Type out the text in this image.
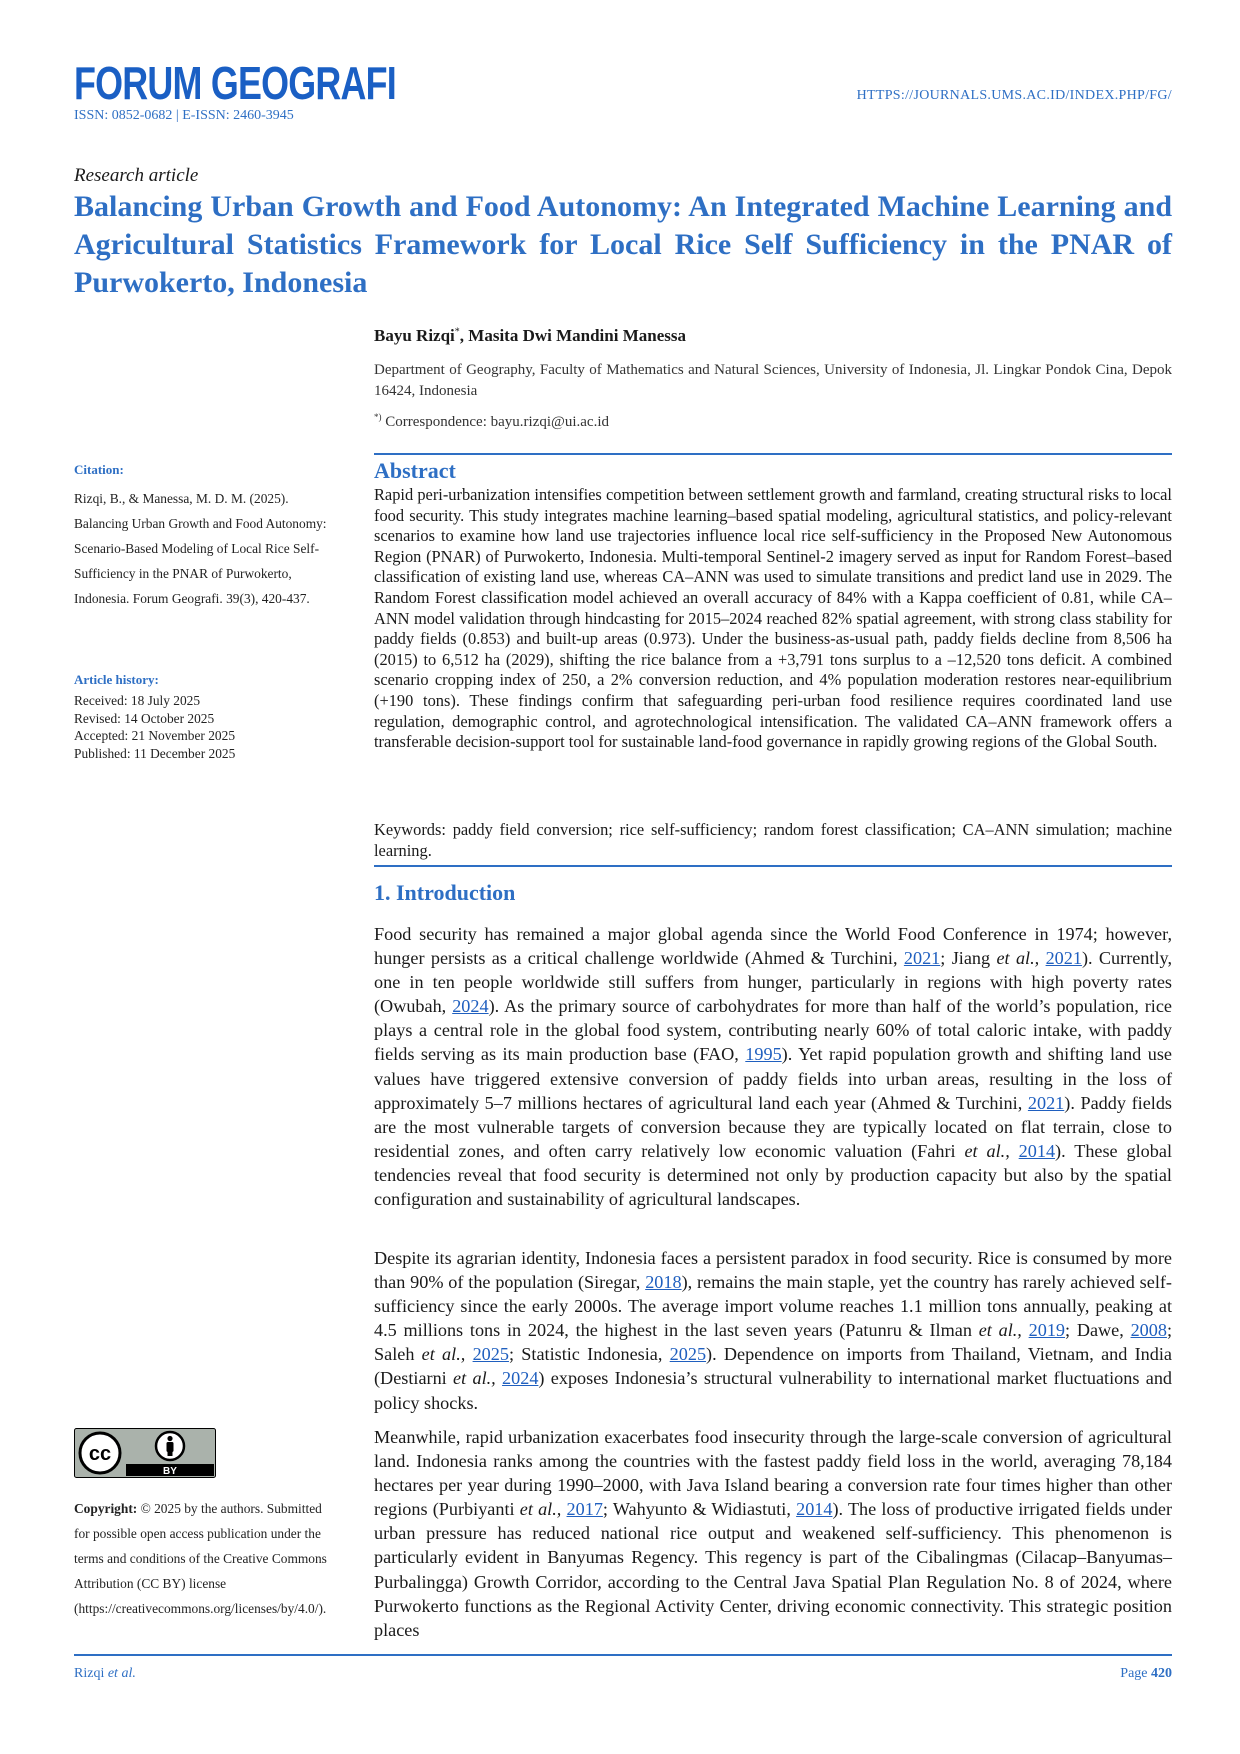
FORUM GEOGRAFI
ISSN: 0852-0682 | E-ISSN: 2460-3945
HTTPS://JOURNALS.UMS.AC.ID/INDEX.PHP/FG/
Research article
Balancing Urban Growth and Food Autonomy: An Integrated Machine Learning and Agricultural Statistics Framework for Local Rice Self Sufficiency in the PNAR of Purwokerto, Indonesia
Bayu Rizqi*, Masita Dwi Mandini Manessa
Department of Geography, Faculty of Mathematics and Natural Sciences, University of Indonesia, Jl. Lingkar Pondok Cina, Depok 16424, Indonesia
*) Correspondence: bayu.rizqi@ui.ac.id
Citation:
Rizqi, B., & Manessa, M. D. M. (2025). Balancing Urban Growth and Food Autonomy: Scenario-Based Modeling of Local Rice Self-Sufficiency in the PNAR of Purwokerto, Indonesia. Forum Geografi. 39(3), 420-437.
Article history:
Received: 18 July 2025
Revised: 14 October 2025
Accepted: 21 November 2025
Published: 11 December 2025
cc
BY
Copyright: © 2025 by the authors. Submitted for possible open access publication under the terms and conditions of the Creative Commons Attribution (CC BY) license (https://creativecommons.org/licenses/by/4.0/).
Abstract
Rapid peri-urbanization intensifies competition between settlement growth and farmland, creating structural risks to local food security. This study integrates machine learning–based spatial modeling, agricultural statistics, and policy-relevant scenarios to examine how land use trajectories influence local rice self-sufficiency in the Proposed New Autonomous Region (PNAR) of Purwokerto, Indonesia. Multi-temporal Sentinel-2 imagery served as input for Random Forest–based classification of existing land use, whereas CA–ANN was used to simulate transitions and predict land use in 2029. The Random Forest classification model achieved an overall accuracy of 84% with a Kappa coefficient of 0.81, while CA–ANN model validation through hindcasting for 2015–2024 reached 82% spatial agreement, with strong class stability for paddy fields (0.853) and built-up areas (0.973). Under the business-as-usual path, paddy fields decline from 8,506 ha (2015) to 6,512 ha (2029), shifting the rice balance from a +3,791 tons surplus to a –12,520 tons deficit. A combined scenario cropping index of 250, a 2% conversion reduction, and 4% population moderation restores near-equilibrium (+190 tons). These findings confirm that safeguarding peri-urban food resilience requires coordinated land use regulation, demographic control, and agrotechnological intensification. The validated CA–ANN framework offers a transferable decision-support tool for sustainable land-food governance in rapidly growing regions of the Global South.
Keywords: paddy field conversion; rice self-sufficiency; random forest classification; CA–ANN simulation; machine learning.
1. Introduction
Food security has remained a major global agenda since the World Food Conference in 1974; however, hunger persists as a critical challenge worldwide (Ahmed & Turchini, 2021; Jiang et al., 2021). Currently, one in ten people worldwide still suffers from hunger, particularly in regions with high poverty rates (Owubah, 2024). As the primary source of carbohydrates for more than half of the world’s population, rice plays a central role in the global food system, contributing nearly 60% of total caloric intake, with paddy fields serving as its main production base (FAO, 1995). Yet rapid population growth and shifting land use values have triggered extensive conversion of paddy fields into urban areas, resulting in the loss of approximately 5–7 millions hectares of agricultural land each year (Ahmed & Turchini, 2021). Paddy fields are the most vulnerable targets of conversion because they are typically located on flat terrain, close to residential zones, and often carry relatively low economic valuation (Fahri et al., 2014). These global tendencies reveal that food security is determined not only by production capacity but also by the spatial configuration and sustainability of agricultural landscapes.
Despite its agrarian identity, Indonesia faces a persistent paradox in food security. Rice is consumed by more than 90% of the population (Siregar, 2018), remains the main staple, yet the country has rarely achieved self-sufficiency since the early 2000s. The average import volume reaches 1.1 million tons annually, peaking at 4.5 millions tons in 2024, the highest in the last seven years (Patunru & Ilman et al., 2019; Dawe, 2008; Saleh et al., 2025; Statistic Indonesia, 2025). Dependence on imports from Thailand, Vietnam, and India (Destiarni et al., 2024) exposes Indonesia’s structural vulnerability to international market fluctuations and policy shocks.
Meanwhile, rapid urbanization exacerbates food insecurity through the large-scale conversion of agricultural land. Indonesia ranks among the countries with the fastest paddy field loss in the world, averaging 78,184 hectares per year during 1990–2000, with Java Island bearing a conversion rate four times higher than other regions (Purbiyanti et al., 2017; Wahyunto & Widiastuti, 2014). The loss of productive irrigated fields under urban pressure has reduced national rice output and weakened self-sufficiency. This phenomenon is particularly evident in Banyumas Regency. This regency is part of the Cibalingmas (Cilacap–Banyumas–Purbalingga) Growth Corridor, according to the Central Java Spatial Plan Regulation No. 8 of 2024, where Purwokerto functions as the Regional Activity Center, driving economic connectivity. This strategic position places
Rizqi et al.	Page 420
